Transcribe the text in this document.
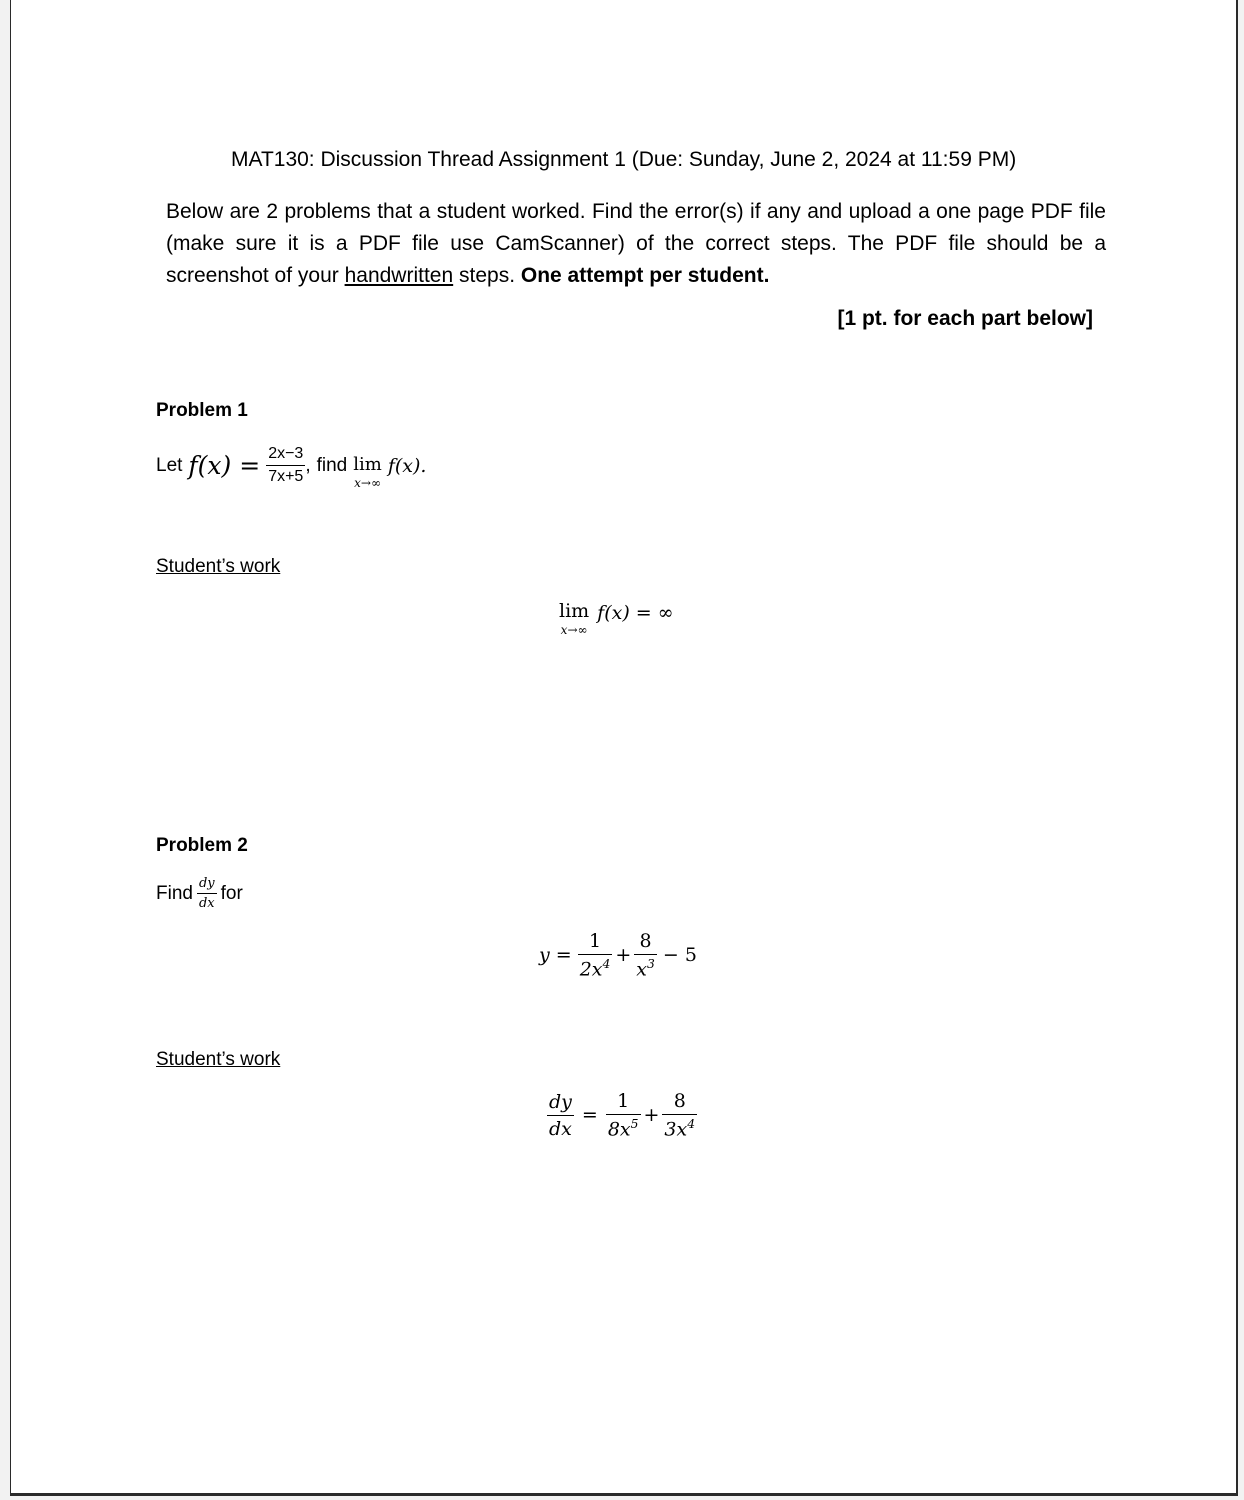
MAT130: Discussion Thread Assignment 1 (Due: Sunday, June 2, 2024 at 11:59 PM)
Below are 2 problems that a student worked. Find the error(s) if any and upload a one page PDF file (make sure it is a PDF file use CamScanner) of the correct steps. The PDF file should be a screenshot of your handwritten steps. One attempt per student.
[1 pt. for each part below]
Problem 1
Let $f(x) = \frac{2x-3}{7x+5}$ , find lim
x→∞
f(x).
Student’s work
lim
x→∞
f(x) = ∞
Problem 2
Find $\frac{dy}{dx}$ for
$y = \frac{1}{2x^4} + \frac{8}{x^3} - 5$
Student’s work
$\frac{dy}{dx} = \frac{1}{8x^5} + \frac{8}{3x^4}$
